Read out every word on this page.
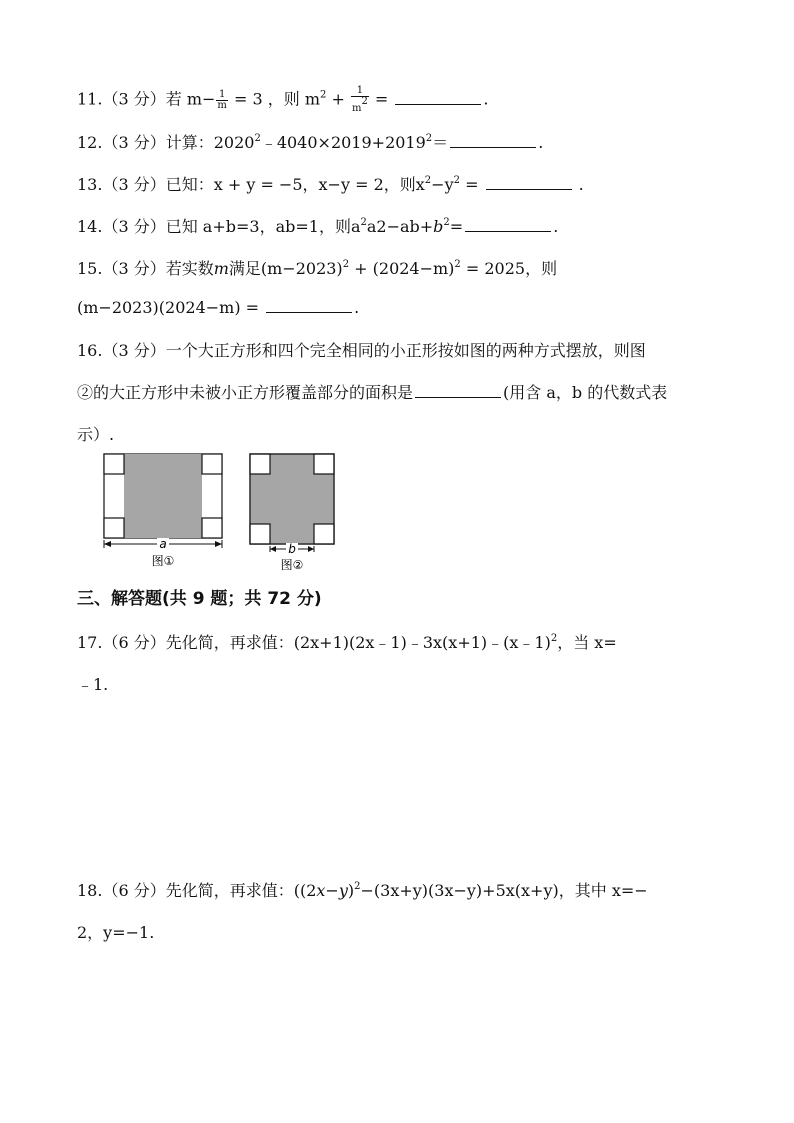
11.（3 分）若 $m- \frac{1}{m} = 3$ ，则 $m^2 + \frac{1}{m2}$ =	.
12.（3 分）计算：$2020^2﹣4040\times 2019+2019^2=$	.
13.（3 分）已知：x + y = −5，x−y = 2，则$x^2-y^2$ =	.
14.（3 分）已知 a+b=3，ab=1，则$a^2a2-ab+b^2=$	.
15.（3 分）若实数m满足$(m-2023)^2 + (2024-m)^2 = 2025$，则
(m−2023)(2024−m) =	.
16.（3 分）一个大正方形和四个完全相同的小正形按如图的两种方式摆放，则图
②的大正方形中未被小正方形覆盖部分的面积是	(用含 a，b 的代数式表
示）.
a
图①
b
图②
三、解答题(共 9 题；共 72 分)
17.（6 分）先化简，再求值：(2x+1)(2x﹣1)﹣3x(x+1)﹣(x﹣1)$^2$，当 x=
﹣1.
18.（6 分）先化简，再求值：($(2x-y)^2-(3x+y)(3x-y)+5x(x+y)$，其中 x=−
2，y=−1.
